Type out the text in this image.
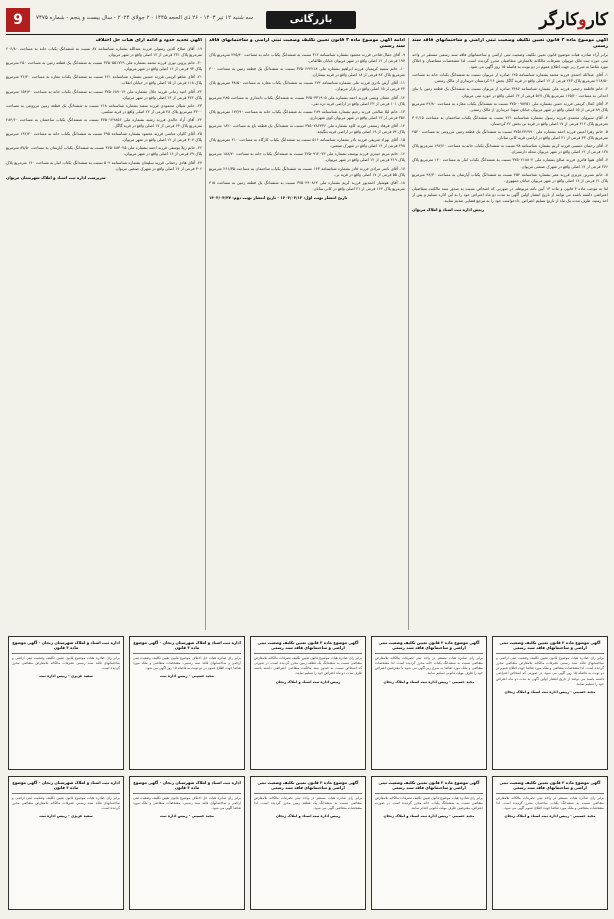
کاروکارگر
بازرگانی
سه شنبه ۱۲ تیر ۱۴۰۳ - ۲۶ ذی الحجه ۱۴۴۵ - ۲ جولای ۲۰۲۴ - سال بیست و پنجم - شماره ۷۴۷۵
9
آگهی موضوع ماده ۳ قانون تعیین تکلیف وضعیت ثبتی اراضی و ساختمانهای فاقد سند رسمی

برابر آراء صادره هیات موضوع قانون تعیین تکلیف وضعیت ثبتی اراضی و ساختمانهای فاقد سند رسمی مستقر در واحد ثبتی حوزه ثبت ملک مریوان تصرفات مالکانه بلامعارض متقاضیان محرز گردیده است. لذا مشخصات متقاضیان و املاک مورد تقاضا به شرح زیر جهت اطلاع عموم در دو نوبت به فاصله ۱۵ روز آگهی می شود.

۱- آقای عبدالله احمدی فرزند محمد بشماره شناسنامه ۱۲۵ صادره از مریوان نسبت به ششدانگ یکباب خانه به مساحت ۲۱۸/۵۰ مترمربع پلاک ۲۴۳ فرعی از ۱۲ اصلی واقع در قریه گاگل بخش ۲۶ کردستان خریداری از مالک رسمی.

۲- خانم فاطمه رحیمی فرزند علی بشماره شناسنامه ۳۴۸۷ صادره از مریوان نسبت به ششدانگ یک قطعه زمین با بنای احداثی به مساحت ۱۶۵/۲۰ مترمربع پلاک ۵۶۷ فرعی از ۱۳ اصلی واقع در حوزه ثبتی مریوان.

۳- آقای کمال کریمی فرزند حسن بشماره ملی ۳۷۵۰۰۹۸۴۵۱ نسبت به ششدانگ یکباب مغازه به مساحت ۴۲/۸۰ مترمربع پلاک ۸۹ فرعی از ۱۵ اصلی واقع در شهر مریوان خیابان شهدا خریداری از مالک رسمی.

۴- آقای سیروان محمدی فرزند رسول بشماره شناسنامه ۷۲۱ نسبت به ششدانگ یکباب ساختمان به مساحت ۳۰۲/۱۵ مترمربع پلاک ۴۱۲ فرعی از ۱۷ اصلی واقع در قریه نی بخش ۲۶ کردستان.

۵- خانم زهرا امینی فرزند احمد بشماره ملی ۳۷۵۱۲۴۶۷۹۰ نسبت به ششدانگ یک قطعه زمین مزروعی به مساحت ۲۵۴۰ مترمربع پلاک ۳۳ فرعی از ۲۱ اصلی واقع در اراضی قریه کانی سانان.

۶- آقای رحمان حسینی فرزند کریم بشماره شناسنامه ۹۸ نسبت به ششدانگ یکباب خانه به مساحت ۱۹۷/۶۰ مترمربع پلاک ۱۲۸ فرعی از ۱۲ اصلی واقع در شهر مریوان محله دارسیران.

۷- آقای هیوا قادری فرزند صالح بشماره ملی ۳۷۵۰۲۱۸۸۰۴ نسبت به ششدانگ یکباب انبار به مساحت ۱۲۰ مترمربع پلاک ۲۷۶ فرعی از ۱۴ اصلی واقع در شهرک صنعتی مریوان.

۸- خانم نسرین عزیزی فرزند عمر بشماره شناسنامه ۴۵۲ نسبت به ششدانگ یکباب آپارتمان به مساحت ۹۴/۳۰ مترمربع پلاک ۶۱ فرعی از ۱۶ اصلی واقع در شهر مریوان خیابان جمهوری.

لذا به موجب ماده ۳ قانون و ماده ۱۳ آیین نامه مربوطه، در صورتی که اشخاص نسبت به صدور سند مالکیت متقاضیان اعتراضی داشته باشند می توانند از تاریخ انتشار اولین آگهی به مدت دو ماه اعتراض خود را به این اداره تسلیم و پس از اخذ رسید، ظرف مدت یک ماه از تاریخ تسلیم اعتراض، دادخواست خود را به مرجع قضایی تقدیم نمایند.

رییس اداره ثبت اسناد و املاک مریوان

ادامه آگهی موضوع ماده ۳ قانون تعیین تکلیف وضعیت ثبتی اراضی و ساختمانهای فاقد سند رسمی

۹- آقای جمال فتاحی فرزند محمود بشماره شناسنامه ۳۱۲ نسبت به ششدانگ یکباب خانه به مساحت ۲۲۵/۴۰ مترمربع پلاک ۱۹۷ فرعی از ۱۲ اصلی واقع در شهر مریوان خیابان طالقانی.

۱۰- خانم سمیه کریمیان فرزند ابراهیم بشماره ملی ۳۷۵۰۶۶۴۲۱۸ نسبت به ششدانگ یک قطعه زمین به مساحت ۳۰۰ مترمربع پلاک ۸۲ فرعی از ۱۸ اصلی واقع در قریه بیساران.

۱۱- آقای آرش نادری فرزند علی بشماره شناسنامه ۶۷۲ نسبت به ششدانگ یکباب مغازه به مساحت ۳۸/۵۰ مترمربع پلاک ۴۴ فرعی از ۱۵ اصلی واقع در بازار مریوان.

۱۲- آقای عثمان ویسی فرزند احمد بشماره ملی ۳۷۵۰۳۳۱۹۰۵ نسبت به ششدانگ یکباب دامداری به مساحت ۴۸۵ مترمربع پلاک ۱۰۱ فرعی از ۲۳ اصلی واقع در اراضی قریه دره تفی.

۱۳- خانم لیلا صالحی فرزند رحیم بشماره شناسنامه ۲۸۹ نسبت به ششدانگ یکباب خانه به مساحت ۱۷۲/۹۰ مترمربع پلاک ۳۵۶ فرعی از ۱۳ اصلی واقع در شهر مریوان کوی شهرداری.

۱۴- آقای فرهاد رستمی فرزند کاوه بشماره ملی ۳۷۵۰۷۸۲۴۳۶ نسبت به ششدانگ یک قطعه باغ به مساحت ۱۸۲۰ مترمربع پلاک ۷۴ فرعی از ۱۹ اصلی واقع در اراضی قریه ینگیجه.

۱۵- آقای بهزاد شریفی فرزند نادر بشماره شناسنامه ۵۱۶ نسبت به ششدانگ یکباب کارگاه به مساحت ۲۱۰ مترمربع پلاک ۲۹۸ فرعی از ۱۴ اصلی واقع در شهرک صنعتی.

۱۶- خانم مریم حیدری فرزند یوسف بشماره ملی ۳۷۵۰۹۱۲۰۷۳ نسبت به ششدانگ یکباب خانه به مساحت ۱۸۸/۷۰ مترمربع پلاک ۴۱۹ فرعی از ۱۲ اصلی واقع در شهر مریوان.

۱۷- آقای ناصر مرادی فرزند قادر بشماره شناسنامه ۱۴۳ نسبت به ششدانگ یکباب ساختمان به مساحت ۲۶۱/۳۵ مترمربع پلاک ۵۵ فرعی از ۱۷ اصلی واقع در قریه نی.

۱۸- آقای هوشیار احمدپور فرزند کریم بشماره ملی ۳۷۵۰۴۴۰۸۶۲ نسبت به ششدانگ یک قطعه زمین به مساحت ۴۱۵ مترمربع پلاک ۱۶۴ فرعی از ۲۱ اصلی واقع در کانی سانان.

تاریخ انتشار نوبت اول: ۱۴۰۳/۰۴/۱۲ - تاریخ انتشار نوبت دوم: ۱۴۰۳/۰۴/۲۷

آگهی تحدید حدود و ادامه آرای هیات حل اختلاف

۱۹- آقای صلاح الدین رسولی فرزند عبدالله بشماره شناسنامه ۸۷ نسبت به ششدانگ یکباب خانه به مساحت ۲۰۶/۸۰ مترمربع پلاک ۲۳۱ فرعی از ۱۲ اصلی واقع در شهر مریوان.

۲۰- خانم پروین نوری فرزند محمد بشماره ملی ۳۷۵۰۵۵۱۷۲۹ نسبت به ششدانگ یک قطعه زمین به مساحت ۲۵۰ مترمربع پلاک ۹۳ فرعی از ۱۶ اصلی واقع در شهر مریوان.

۲۱- آقای شاهو کریمی فرزند حسین بشماره شناسنامه ۴۲۱ نسبت به ششدانگ یکباب مغازه به مساحت ۳۶/۲۰ مترمربع پلاک ۱۱۸ فرعی از ۱۵ اصلی واقع در خیابان انقلاب.

۲۲- آقای امید زمانی فرزند جلال بشماره ملی ۳۷۵۰۶۸۹۰۱۴ نسبت به ششدانگ یکباب خانه به مساحت ۱۵۴/۴۰ مترمربع پلاک ۳۷۲ فرعی از ۱۳ اصلی واقع در شهر مریوان.

۲۳- خانم شیلان محمودی فرزند سعید بشماره شناسنامه ۶۱۸ نسبت به ششدانگ یک قطعه زمین مزروعی به مساحت ۳۲۰۰ مترمربع پلاک ۲۸ فرعی از ۲۲ اصلی واقع در قریه سلسی.

۲۴- آقای آزاد خالدی فرزند رشید بشماره ملی ۳۷۵۰۱۲۹۸۵۶ نسبت به ششدانگ یکباب ساختمان به مساحت ۲۸۴/۶۰ مترمربع پلاک ۶۳ فرعی از ۱۷ اصلی واقع در قریه گاگل.

۲۵- آقای کاوان عباسی فرزند محمود بشماره شناسنامه ۳۹۵ نسبت به ششدانگ یکباب خانه به مساحت ۱۹۲/۲۰ مترمربع پلاک ۴۰۷ فرعی از ۱۲ اصلی واقع در شهر مریوان.

۲۶- خانم ژیلا یوسفی فرزند احمد بشماره ملی ۳۷۵۰۸۸۳۰۲۵ نسبت به ششدانگ یکباب آپارتمان به مساحت ۸۷/۵۰ مترمربع پلاک ۷۹ فرعی از ۱۶ اصلی واقع در شهر مریوان.

۲۷- آقای هادی رحمانی فرزند سلیمان بشماره شناسنامه ۵۰۲ نسبت به ششدانگ یکباب انبار به مساحت ۱۴۰ مترمربع پلاک ۳۰۶ فرعی از ۱۴ اصلی واقع در شهرک صنعتی مریوان.

سرپرست اداره ثبت اسناد و املاک شهرستان مریوان

آگهی موضوع ماده ۳ قانون تعیین تکلیف وضعیت ثبتی اراضی و ساختمانهای فاقد سند رسمی
برابر رای صادره هیات موضوع قانون تعیین تکلیف وضعیت ثبتی اراضی و ساختمانهای فاقد سند رسمی تصرفات مالکانه بلامعارض متقاضی محرز گردیده است. لذا مشخصات متقاضی و ملک مورد تقاضا جهت اطلاع عموم در دو نوبت به فاصله ۱۵ روز آگهی می شود. در صورتی که اشخاص اعتراضی داشته باشند می توانند از تاریخ انتشار اولین آگهی به مدت دو ماه اعتراض خود را تسلیم نمایند.
مجید حسینی - رییس اداره ثبت اسناد و املاک زنجان
آگهی موضوع ماده ۳ قانون تعیین تکلیف وضعیت ثبتی اراضی و ساختمانهای فاقد سند رسمی
برابر رای صادره هیات مستقر در واحد ثبتی تصرفات مالکانه بلامعارض متقاضی نسبت به ششدانگ یکباب خانه محرز گردیده است. لذا مشخصات متقاضی و ملک مورد تقاضا به شرح زیر آگهی می شود تا معترضین اعتراض خود را ظرف مهلت قانونی تسلیم نمایند.
مجید حسینی - رییس اداره ثبت اسناد و املاک زنجان
آگهی موضوع ماده ۳ قانون تعیین تکلیف وضعیت ثبتی اراضی و ساختمانهای فاقد سند رسمی
برابر رای صادره هیات موضوع قانون تعیین تکلیف تصرفات مالکانه بلامعارض متقاضی نسبت به ششدانگ یک قطعه زمین محرز گردیده است. در صورتی که اشخاص نسبت به صدور سند مالکیت متقاضی اعتراضی داشته باشند ظرف مدت دو ماه اعتراض خود را تسلیم نمایند.
رییس اداره ثبت اسناد و املاک زنجان
اداره ثبت اسناد و املاک شهرستان زنجان - آگهی موضوع ماده ۳ قانون
برابر رای صادره هیات حل اختلاف موضوع قانون تعیین تکلیف وضعیت ثبتی اراضی و ساختمانهای فاقد سند رسمی، مشخصات متقاضی و ملک مورد تقاضا جهت اطلاع عموم در دو نوبت به فاصله ۱۵ روز آگهی می شود.
مجید حسینی - رییس اداره ثبت
اداره ثبت اسناد و املاک شهرستان زنجان - آگهی موضوع ماده ۳ قانون
برابر رای صادره هیات موضوع قانون تعیین تکلیف وضعیت ثبتی اراضی و ساختمانهای فاقد سند رسمی تصرفات مالکانه بلامعارض متقاضی محرز گردیده است.
سعید عزیزی - رییس اداره ثبت
آگهی موضوع ماده ۳ قانون تعیین تکلیف وضعیت ثبتی اراضی و ساختمانهای فاقد سند رسمی
برابر رای صادره هیات مستقر در واحد ثبتی تصرفات مالکانه بلامعارض متقاضی نسبت به ششدانگ یکباب ساختمان محرز گردیده است. لذا مشخصات متقاضی و ملک مورد تقاضا جهت اطلاع عموم آگهی می شود.
مجید حسینی - رییس اداره ثبت اسناد و املاک زنجان
آگهی موضوع ماده ۳ قانون تعیین تکلیف وضعیت ثبتی اراضی و ساختمانهای فاقد سند رسمی
برابر رای صادره هیات موضوع قانون تعیین تکلیف تصرفات مالکانه بلامعارض متقاضی نسبت به ششدانگ یکباب خانه محرز گردیده است. در صورت اعتراض، معترضین ظرف مهلت قانونی اقدام نمایند.
مجید حسینی - رییس اداره ثبت اسناد و املاک زنجان
آگهی موضوع ماده ۳ قانون تعیین تکلیف وضعیت ثبتی اراضی و ساختمانهای فاقد سند رسمی
برابر رای صادره هیات مستقر در واحد ثبتی تصرفات مالکانه بلامعارض متقاضی نسبت به ششدانگ یک قطعه زمین محرز گردیده است. لذا مشخصات متقاضی آگهی می شود.
رییس اداره ثبت اسناد و املاک زنجان
اداره ثبت اسناد و املاک شهرستان زنجان - آگهی موضوع ماده ۳ قانون
برابر رای صادره هیات حل اختلاف موضوع قانون تعیین تکلیف وضعیت ثبتی اراضی و ساختمانهای فاقد سند رسمی، مشخصات متقاضی و ملک مورد تقاضا آگهی می شود.
مجید حسینی - رییس اداره ثبت
اداره ثبت اسناد و املاک شهرستان زنجان - آگهی موضوع ماده ۳ قانون
برابر رای صادره هیات موضوع قانون تعیین تکلیف وضعیت ثبتی اراضی و ساختمانهای فاقد سند رسمی تصرفات مالکانه بلامعارض متقاضی محرز گردیده است.
سعید عزیزی - رییس اداره ثبت
